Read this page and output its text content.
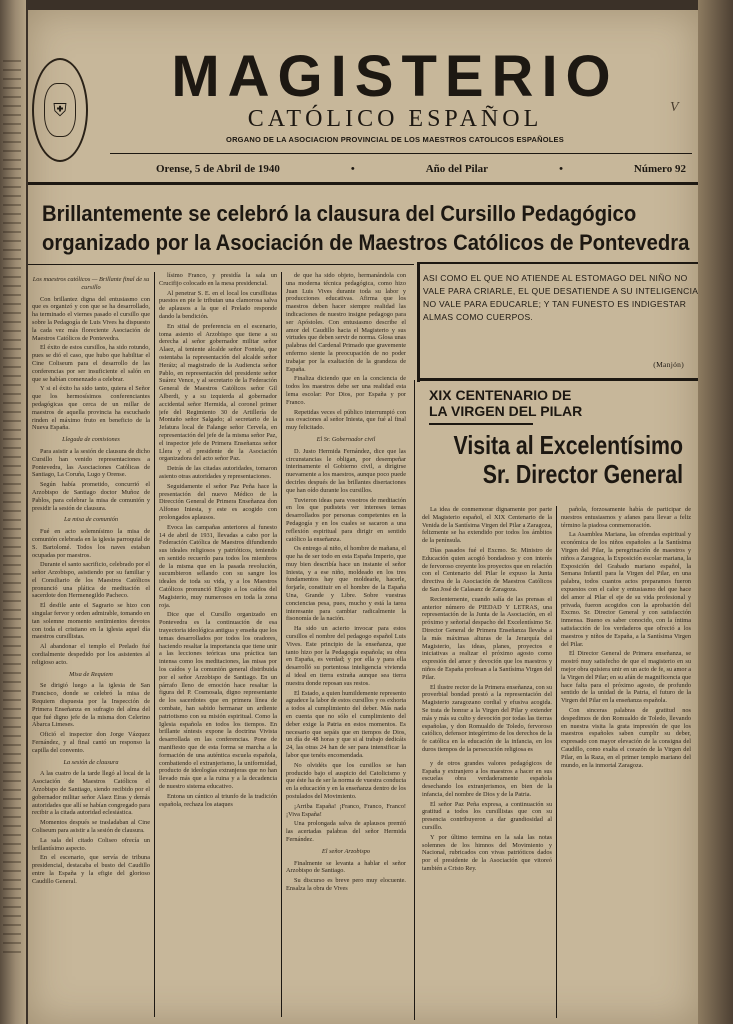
⛨
MAGISTERIO
CATÓLICO ESPAÑOL
ORGANO DE LA ASOCIACION PROVINCIAL DE LOS MAESTROS CATOLICOS ESPAÑOLES
V
Orense, 5 de Abril de 1940	•	Año del Pilar	•	Número 92
Brillantemente se celebró la clausura del Cursillo Pedagógico
organizado por la Asociación de Maestros Católicos de Pontevedra

Los maestros católicos — Brillante final de su cursillo

Con brillantez digna del entusiasmo con que es organizó y con que se ha desarrollado, ha terminado el viernes pasado el cursillo que sobre la Pedagogía de Luis Vives ha dispuesto la cada vez más floreciente Asociación de Maestros Católicos de Pontevedra.

El éxito de estos cursillos, ha sido rotundo, pues se dió el caso, que hubo que habilitar el Cine Coliseum para el desarrollo de las conferencias por ser insuficiente el salón en que se habían comenzado a celebrar.

Y si el éxito ha sido tanto, quiera el Señor que los hermosísimos conferenciantes pedagógicas que cerca de un millar de maestros de aquella provincia ha escuchado rinden el máximo fruto en beneficio de la Nueva España.

Llegada de comisiones

Para asistir a la sesión de clausura de dicho Cursillo han venido representaciones a Pontevedra, las Asociaciones Católicas de Santiago, La Coruña, Lugo y Orense.

Según había prometido, concurrió el Arzobispo de Santiago doctor Muñoz de Pablos, para celebrar la misa de comunión y presidir la sesión de clausura.

La misa de comunión

Fué en acto solemnísimo la misa de comunión celebrada en la iglesia parroquial de S. Bartolomé. Todos los naves estaban ocupadas por maestros.

Durante el santo sacrificio, celebrado por el señor Arzobispo, asistiendo por su familiar y el Consiliario de los Maestros Católicos pronunció una plática de meditación el sacerdote don Hermenegildo Pacheco.

El desfile ante el Sagrario se hizo con singular fervor y orden admirable, tomando en tan solemne momento sentimientos devotos con toda el cristiano en la iglesia aquel día maestros cursillistas.

Al abandonar el templo el Prelado fué cordialmente despedido por los asistentes al religioso acto.

Misa de Requiem

Se dirigió luego a la iglesia de San Francisco, donde se celebró la misa de Requiem dispuesta por la Inspección de Primera Enseñanza en sufragio del alma del que fué digno jefe de la misma don Celerino Abarca Limeses.

Ofició el inspector don Jorge Vázquez Fernández, y al final cantó un responso la capilla del convento.

La sesión de clausura

A las cuatro de la tarde llegó al local de la Asociación de Maestros Católicos el Arzobispo de Santiago, siendo recibido por el gobernador militar señor Alaez Eiras y demás autoridades que allí se habían congregado para recibir a la citada autoridad eclesiástica.

Momentos después se trasladaban al Cine Coliseum para asistir a la sesión de clausura.

La sala del citado Coliseo ofrecía un brillantísimo aspecto.

En el escenario, que servía de tribuna presidencial, destacaba el busto del Caudillo entre la España y la efigie del glorioso Caudillo General.

lísimo Franco, y presidía la sala un Crucifijo colocado en la mesa presidencial.

Al penetrar S. E. en el local los cursillistas puestos en pie le tributan una clamorosa salva de aplausos a la que el Prelado responde dando la bendición.

En sitial de preferencia en el escenario, toma asiento el Arzobispo que tiene a su derecha al señor gobernador militar señor Alaez, al teniente alcalde señor Fontela, que ostentaba la representación del alcalde señor Heráiz; al magistrado de la Audiencia señor Pablo, en representación del presidente señor Suárez Vence, y al secretario de la Federación General de Maestros Católicos señor Gil Alberdi, y a su izquierda al gobernador accidental señor Hermida, al coronel primer jefe del Regimiento 30 de Artillería de Montaño señor Salgado; al secretario de la Jefatura local de Falange señor Cervela, en representación del jefe de la misma señor Paz, el inspector jefe de Primera Enseñanza señor Llera y el presidente de la Asociación organizadora del acto señor Paz.

Detrás de las citadas autoridades, tomaron asiento otras autoridades y representaciones.

Seguidamente el señor Paz Peña hace la presentación del nuevo Médico de la Dirección General de Primera Enseñanza don Alfonso Iniesta, y este es acogido con prolongados aplausos.

Evoca las campañas anteriores al funesto 14 de abril de 1931, llevadas a cabo por la Federación Católica de Maestros difundiendo sus ideales religiosos y patrióticos, teniendo en sentido recuerdo para todos los miembros de la misma que en la pasada revolución, sucumbieron sellando con su sangre los ideales de toda su vida, y a los Maestros Católicos pronunció Elogio a los caídos del Magisterio, muy numerosos en toda la zona roja.

Dice que el Cursillo organizado en Pontevedra es la continuación de esa trayectoria ideológica antigua y enseña que los temas desarrollados por todos los oradores, haciendo resaltar la importancia que tiene unir a las lecciones teóricas una práctica tan intensa como los meditaciones, las misas por los caídos y la comunión general distribuida por el señor Arzobispo de Santiago. En un párrafo lleno de emoción hace resaltar la figura del P. Cosmosala, digno representante de los sacerdotes que en primera línea de combate, han sabido hermanar un ardiente patriotismo con su misión espiritual. Como la Iglesia española en todos los tiempos. En brillante síntesis expone la doctrina Vivista desarrollada en las conferencias. Pone de manifiesto que de esta forma se marcha a la formación de una auténtica escuela española, combatiendo el extranjerismo, la uniformidad, producto de ideologías extranjeras que no han llevado más que a la ruina y a la decadencia de nuestro sistema educativo.

Entona un cántico al triunfo de la tradición española, rechaza los ataques

de que ha sido objeto, hermanándola con una moderna técnica pedagógica, como hizo Juan Luis Vives durante toda su labor y producciones educativas. Afirma que los maestros deben hacer siempre realidad las indicaciones de nuestro insigne pedagogo para ser Apóstoles. Con entusiasmo describe el amor del Caudillo hacia el Magisterio y sus virtudes que deben servir de norma. Glosa unas palabras del Cardenal Primado que gravemente enfermo siente la preocupación de no poder trabajar por la exaltación de la grandeza de España.

Finaliza diciendo que en la conciencia de todos los maestros debe ser una realidad esta lema escolar: Por Dios, por España y por Franco.

Repetidas veces el público interrumpió con sus ovaciones al señor Iniesta, que fué al final muy felicitado.

El Sr. Gobernador civil

D. Justo Hermida Fernández, dice que las circunstancias le obligan, por desempeñar interinamente el Gobierno civil, a dirigirse nuevamente a los maestros, aunque poco puede decirles después de las brillantes disertaciones que han oído durante los cursillos.

Tuvieron ideas para vosotros de meditación en los que pudisteis ver intereses temas desarrollados por personas competentes en la Pedagogía y en los cuales se sacaron a una reflexión espiritual para dirigir en sentido católico la enseñanza.

Os entrego al niño, el hombre de mañana, el que ha de ser todo en esta España Imperio, que muy bien describía hace un instante el señor Iniesta, y a ese niño, moldeado en los tres fundamentos hay que moldearle, hacerle, forjarle, constituir en el hombre de la España Una, Grande y Libre. Sobre vuestras conciencias pesa, pues, mucho y está la tarea interesante para cambiar radicalmente la fisonomía de la nación.

Ha sido un acierto invocar para estos cursillos el nombre del pedagogo español Luis Vives. Este principio de la enseñanza, que tanto hizo por la Pedagogía española; su obra en España, es verdad; y por ella y para ella desarrolló su portentosa inteligencia vivienda al ideal en tierra extraña aunque sea tierra nuestra donde reposan sus restos.

El Estado, a quien humildemente represento agradece la labor de estos cursillos y os exhorta a todos al cumplimiento del deber. Más nada en cuenta que no sólo el cumplimiento del deber exige la Patria en estos momentos. Es necesario que sepáis que en tiempos de Dios, un día de 48 horas y que si al trabajo dedicáis 24, las otras 24 han de ser para intensificar la labor que tenéis encomendada.

No olvidéis que los cursillos se han producido bajo el auspicio del Catolicismo y que éste ha de ser la norma de vuestra conducta en la educación y en la enseñanza dentro de los postulados del Movimiento.

¡Arriba España! ¡Franco, Franco, Franco! ¡Viva España!

Una prolongada salva de aplausos premió las acertadas palabras del señor Hermida Fernández.

El señor Arzobispo

Finalmente se levanta a hablar el señor Arzobispo de Santiago.

Su discurso es breve pero muy elocuente. Ensalza la obra de Vives

ASI COMO EL QUE NO ATIENDE AL ESTOMAGO DEL NIÑO NO VALE PARA CRIARLE, EL QUE DESATIENDE A SU INTELIGENCIA NO VALE PARA EDUCARLE; Y TAN FUNESTO ES INDIGESTAR ALMAS COMO CUERPOS.
(Manjón)
XIX CENTENARIO DE
LA VIRGEN DEL PILAR
Visita al Excelentísimo
Sr. Director General

La idea de conmemorar dignamente por parte del Magisterio español, el XIX Centenario de la Venida de la Santísima Virgen del Pilar a Zaragoza, felizmente se ha extendido por todos los ámbitos de la península.

Días pasados fué el Excmo. Sr. Ministro de Educación quien acogió bondadoso y con interés de fervoroso creyente los proyectos que en relación con el Centenario del Pilar le expuso la Junta directiva de la Asociación de Maestros Católicos de San José de Calasanz de Zaragoza.

Recientemente, cuando salía de las prensas el anterior número de PIEDAD Y LETRAS, una representación de la Junta de la Asociación, en el próximo y señorial despacho del Excelentísimo Sr. Director General de Primera Enseñanza llevaba a la más máximas alturas de la Jerarquía del Magisterio, las ideas, planes, proyectos e iniciativas a realizar el próximo agosto como expresión del amor y devoción que los maestros y niños de España profesan a la Santísima Virgen del Pilar.

El ilustre rector de la Primera enseñanza, con su proverbial bondad prestó a la representación del Magisterio zaragozano cordial y efusiva acogida. Se trata de honrar a la Virgen del Pilar y extender más y más su culto y devoción por todas las tierras españolas, y don Romualdo de Toledo, fervoroso católico, defensor integérrimo de los derechos de la fe católica en la educación de la infancia, en los duros tiempos de la persecución religiosa es

y de otros grandes valores pedagógicos de España y extranjero a los maestros a hacer en sus escuelas obra verdaderamente española desechando los extranjerismos, en bien de la infancia, del nombre de Dios y de la Patria.

El señor Paz Peña expresa, a continuación su gratitud a todos los cursillistas que con su presencia contribuyeron a dar grandiosidad al cursillo.

Y por último termina en la sala las notas solemnes de los himnos del Movimiento y Nacional, rubricados con vivas patrióticos dados por el presidente de la Asociación que vitoreó también a Cristo Rey.

pañola, forzosamente había de participar de nuestros entusiasmos y afanes para llevar a feliz término la piadosa conmemoración.

La Asamblea Mariana, las ofrendas espiritual y económica de los niños españoles a la Santísima Virgen del Pilar, la peregrinación de maestros y niños a Zaragoza, la Exposición escolar mariana, la Exposición del Grabado mariano español, la Semana Infantil para la Virgen del Pilar, en una palabra, todos cuantos actos preparamos fueron expuestos con el calor y entusiasmo del que hace del amor al Pilar el eje de su vida profesional y privada, fueron acogidos con la aprobación del Excmo. Sr. Director General y con satisfacción inmensa. Bueno es saber conocido, con la íntima satisfacción de los verdaderos que ofreció a los maestros y niños de España, a la Santísima Virgen del Pilar.

El Director General de Primera enseñanza, se mostró muy satisfecho de que el magisterio en su mejor obra quisiera unir en un acto de fe, su amor a la Virgen del Pilar; en su afán de magnificencia que hace falta para el próximo agosto, de profundo sentido de la unidad de la Patria, el futuro de la Virgen del Pilar en la enseñanza española.

Con sinceras palabras de gratitud nos despedimos de don Romualdo de Toledo, llevando en nuestra visita la grata impresión de que los maestros españoles saben cumplir su deber, expresado con mayor elevación de la consigna del Caudillo, como exalta el corazón de la Virgen del Pilar, en la Raza, en el primer templo mariano del mundo, en la inmortal Zaragoza.
